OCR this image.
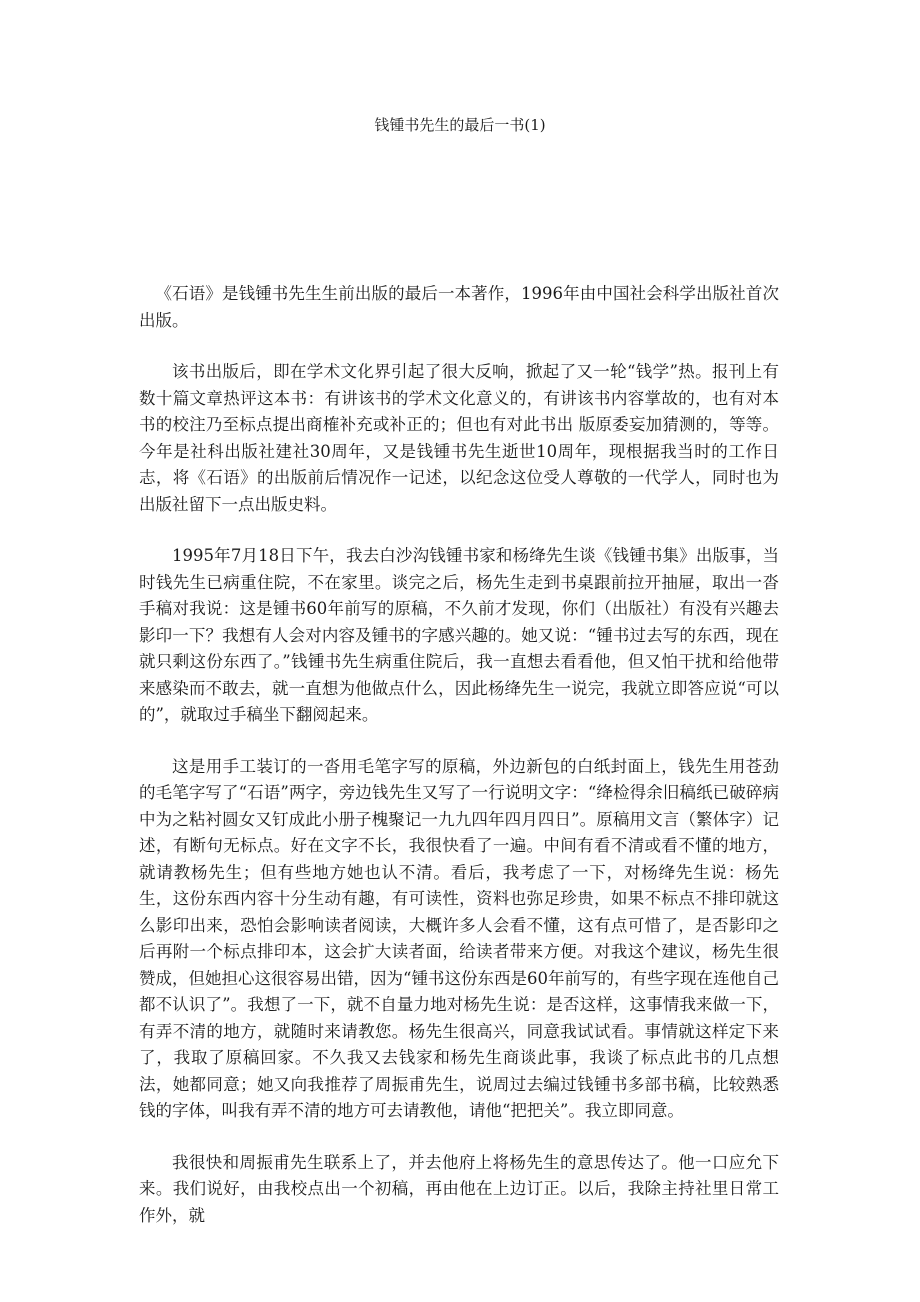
钱锺书先生的最后一书(1)

《石语》是钱锺书先生生前出版的最后一本著作，1996年由中国社会科学出版社首次出版。

该书出版后，即在学术文化界引起了很大反响，掀起了又一轮“钱学”热。报刊上有数十篇文章热评这本书：有讲该书的学术文化意义的，有讲该书内容掌故的，也有对本书的校注乃至标点提出商榷补充或补正的；但也有对此书出 版原委妄加猜测的，等等。今年是社科出版社建社30周年，又是钱锺书先生逝世10周年，现根据我当时的工作日志，将《石语》的出版前后情况作一记述，以纪念这位受人尊敬的一代学人，同时也为出版社留下一点出版史料。

1995年7月18日下午，我去白沙沟钱锺书家和杨绛先生谈《钱锺书集》出版事，当时钱先生已病重住院，不在家里。谈完之后，杨先生走到书桌跟前拉开抽屉，取出一沓手稿对我说：这是锺书60年前写的原稿，不久前才发现，你们（出版社）有没有兴趣去影印一下？我想有人会对内容及锺书的字感兴趣的。她又说：“锺书过去写的东西，现在就只剩这份东西了。”钱锺书先生病重住院后，我一直想去看看他，但又怕干扰和给他带来感染而不敢去，就一直想为他做点什么，因此杨绛先生一说完，我就立即答应说“可以的”，就取过手稿坐下翻阅起来。

这是用手工装订的一沓用毛笔字写的原稿，外边新包的白纸封面上，钱先生用苍劲的毛笔字写了“石语”两字，旁边钱先生又写了一行说明文字：“绛检得余旧稿纸已破碎病中为之粘衬圆女又钉成此小册子槐聚记一九九四年四月四日”。原稿用文言（繁体字）记述，有断句无标点。好在文字不长，我很快看了一遍。中间有看不清或看不懂的地方，就请教杨先生；但有些地方她也认不清。看后，我考虑了一下，对杨绛先生说：杨先生，这份东西内容十分生动有趣，有可读性，资料也弥足珍贵，如果不标点不排印就这么影印出来，恐怕会影响读者阅读，大概许多人会看不懂，这有点可惜了，是否影印之后再附一个标点排印本，这会扩大读者面，给读者带来方便。对我这个建议，杨先生很赞成，但她担心这很容易出错，因为“锺书这份东西是60年前写的，有些字现在连他自己都不认识了”。我想了一下，就不自量力地对杨先生说：是否这样，这事情我来做一下，有弄不清的地方，就随时来请教您。杨先生很高兴，同意我试试看。事情就这样定下来了，我取了原稿回家。不久我又去钱家和杨先生商谈此事，我谈了标点此书的几点想法，她都同意；她又向我推荐了周振甫先生，说周过去编过钱锺书多部书稿，比较熟悉钱的字体，叫我有弄不清的地方可去请教他，请他“把把关”。我立即同意。

我很快和周振甫先生联系上了，并去他府上将杨先生的意思传达了。他一口应允下来。我们说好，由我校点出一个初稿，再由他在上边订正。以后，我除主持社里日常工作外，就
